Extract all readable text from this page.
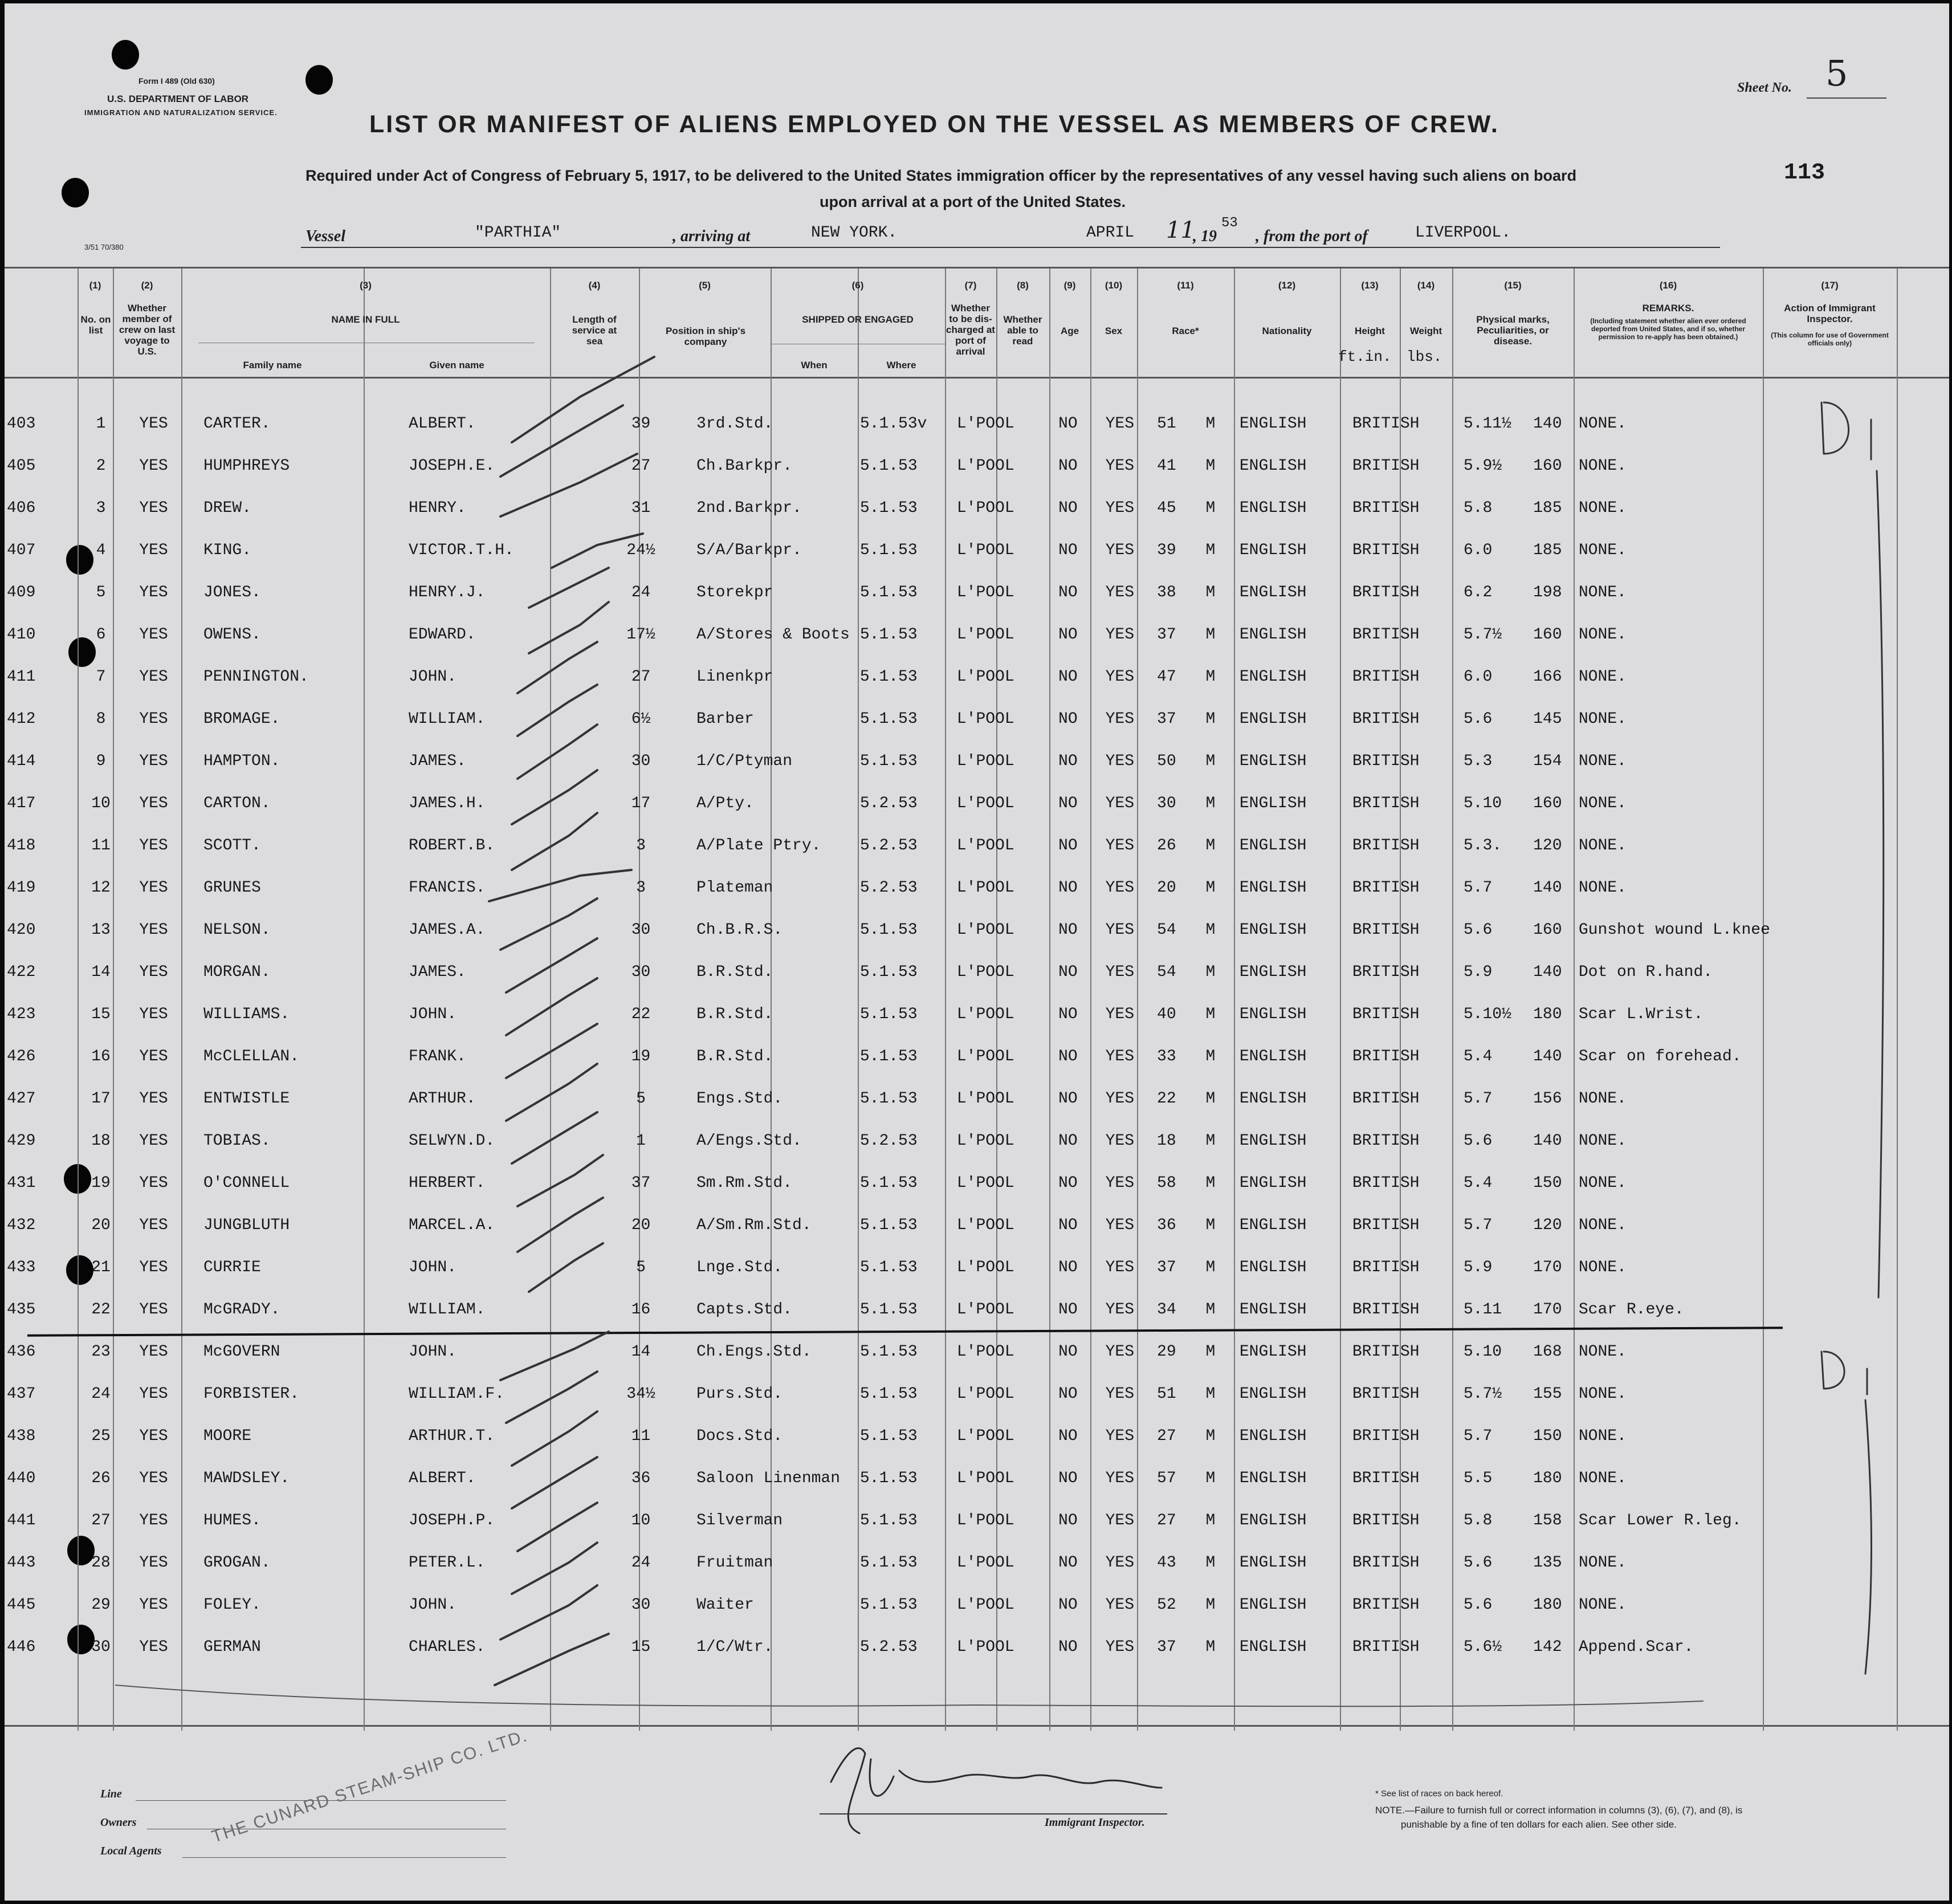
Form I 489 (Old 630)
U.S. DEPARTMENT OF LABOR
IMMIGRATION AND NATURALIZATION SERVICE.
3/51 70/380
Sheet No. 5
113
LIST OR MANIFEST OF ALIENS EMPLOYED ON THE VESSEL AS MEMBERS OF CREW.
Required under Act of Congress of February 5, 1917, to be delivered to the United States immigration officer by the representatives of any vessel having such aliens on board
upon arrival at a port of the United States.
Vessel	"PARTHIA"	, arriving at	NEW YORK.	APRIL 11
, 19
53
, from the port of	LIVERPOOL.
(1)
No. on list
(2)
Whether member of crew on last voyage to U.S.
(3)
NAME IN FULL
Family name	Given name
(4)
Length of service at sea
(5)
Position in ship's company
(6)
SHIPPED OR ENGAGED
When	Where
(7)
Whether to be dis-charged at port of arrival
(8)
Whether able to read
(9)
Age
(10)
Sex
(11)
Race*
(12)
Nationality
(13)
Height
ft.in.
(14)
Weight
lbs.
(15)
Physical marks, Peculiarities, or disease.
(16)
REMARKS.
(Including statement whether alien ever ordered deported from United States, and if so, whether permission to re-apply has been obtained.)
(17)
Action of Immigrant Inspector.
(This column for use of Government officials only)
403	1	YES	CARTER.	ALBERT.	39	3rd.Std.	5.1.53v	L'POOL	NO	YES	51	M	ENGLISH	BRITISH	5.11½	140	NONE.
405	2	YES	HUMPHREYS	JOSEPH.E.	27	Ch.Barkpr.	5.1.53	L'POOL	NO	YES	41	M	ENGLISH	BRITISH	5.9½	160	NONE.
406	3	YES	DREW.	HENRY.	31	2nd.Barkpr.	5.1.53	L'POOL	NO	YES	45	M	ENGLISH	BRITISH	5.8	185	NONE.
407	4	YES	KING.	VICTOR.T.H.	24½	S/A/Barkpr.	5.1.53	L'POOL	NO	YES	39	M	ENGLISH	BRITISH	6.0	185	NONE.
409	5	YES	JONES.	HENRY.J.	24	Storekpr	5.1.53	L'POOL	NO	YES	38	M	ENGLISH	BRITISH	6.2	198	NONE.
410	6	YES	OWENS.	EDWARD.	17½	A/Stores & Boots	5.1.53	L'POOL	NO	YES	37	M	ENGLISH	BRITISH	5.7½	160	NONE.
411	7	YES	PENNINGTON.	JOHN.	27	Linenkpr	5.1.53	L'POOL	NO	YES	47	M	ENGLISH	BRITISH	6.0	166	NONE.
412	8	YES	BROMAGE.	WILLIAM.	6½	Barber	5.1.53	L'POOL	NO	YES	37	M	ENGLISH	BRITISH	5.6	145	NONE.
414	9	YES	HAMPTON.	JAMES.	30	1/C/Ptyman	5.1.53	L'POOL	NO	YES	50	M	ENGLISH	BRITISH	5.3	154	NONE.
417	10	YES	CARTON.	JAMES.H.	17	A/Pty.	5.2.53	L'POOL	NO	YES	30	M	ENGLISH	BRITISH	5.10	160	NONE.
418	11	YES	SCOTT.	ROBERT.B.	3	A/Plate Ptry.	5.2.53	L'POOL	NO	YES	26	M	ENGLISH	BRITISH	5.3.	120	NONE.
419	12	YES	GRUNES	FRANCIS.	3	Plateman	5.2.53	L'POOL	NO	YES	20	M	ENGLISH	BRITISH	5.7	140	NONE.
420	13	YES	NELSON.	JAMES.A.	30	Ch.B.R.S.	5.1.53	L'POOL	NO	YES	54	M	ENGLISH	BRITISH	5.6	160	Gunshot wound L.knee
422	14	YES	MORGAN.	JAMES.	30	B.R.Std.	5.1.53	L'POOL	NO	YES	54	M	ENGLISH	BRITISH	5.9	140	Dot on R.hand.
423	15	YES	WILLIAMS.	JOHN.	22	B.R.Std.	5.1.53	L'POOL	NO	YES	40	M	ENGLISH	BRITISH	5.10½	180	Scar L.Wrist.
426	16	YES	McCLELLAN.	FRANK.	19	B.R.Std.	5.1.53	L'POOL	NO	YES	33	M	ENGLISH	BRITISH	5.4	140	Scar on forehead.
427	17	YES	ENTWISTLE	ARTHUR.	5	Engs.Std.	5.1.53	L'POOL	NO	YES	22	M	ENGLISH	BRITISH	5.7	156	NONE.
429	18	YES	TOBIAS.	SELWYN.D.	1	A/Engs.Std.	5.2.53	L'POOL	NO	YES	18	M	ENGLISH	BRITISH	5.6	140	NONE.
431	19	YES	O'CONNELL	HERBERT.	37	Sm.Rm.Std.	5.1.53	L'POOL	NO	YES	58	M	ENGLISH	BRITISH	5.4	150	NONE.
432	20	YES	JUNGBLUTH	MARCEL.A.	20	A/Sm.Rm.Std.	5.1.53	L'POOL	NO	YES	36	M	ENGLISH	BRITISH	5.7	120	NONE.
433	21	YES	CURRIE	JOHN.	5	Lnge.Std.	5.1.53	L'POOL	NO	YES	37	M	ENGLISH	BRITISH	5.9	170	NONE.
435	22	YES	McGRADY.	WILLIAM.	16	Capts.Std.	5.1.53	L'POOL	NO	YES	34	M	ENGLISH	BRITISH	5.11	170	Scar R.eye.
436	23	YES	McGOVERN	JOHN.	14	Ch.Engs.Std.	5.1.53	L'POOL	NO	YES	29	M	ENGLISH	BRITISH	5.10	168	NONE.
437	24	YES	FORBISTER.	WILLIAM.F.	34½	Purs.Std.	5.1.53	L'POOL	NO	YES	51	M	ENGLISH	BRITISH	5.7½	155	NONE.
438	25	YES	MOORE	ARTHUR.T.	11	Docs.Std.	5.1.53	L'POOL	NO	YES	27	M	ENGLISH	BRITISH	5.7	150	NONE.
440	26	YES	MAWDSLEY.	ALBERT.	36	Saloon Linenman	5.1.53	L'POOL	NO	YES	57	M	ENGLISH	BRITISH	5.5	180	NONE.
441	27	YES	HUMES.	JOSEPH.P.	10	Silverman	5.1.53	L'POOL	NO	YES	27	M	ENGLISH	BRITISH	5.8	158	Scar Lower R.leg.
443	28	YES	GROGAN.	PETER.L.	24	Fruitman	5.1.53	L'POOL	NO	YES	43	M	ENGLISH	BRITISH	5.6	135	NONE.
445	29	YES	FOLEY.	JOHN.	30	Waiter	5.1.53	L'POOL	NO	YES	52	M	ENGLISH	BRITISH	5.6	180	NONE.
446	30	YES	GERMAN	CHARLES.	15	1/C/Wtr.	5.2.53	L'POOL	NO	YES	37	M	ENGLISH	BRITISH	5.6½	142	Append.Scar.
Line
Owners
Local Agents
THE CUNARD STEAM-SHIP CO. LTD.	Immigrant Inspector.
* See list of races on back hereof.
NOTE.—Failure to furnish full or correct information in columns (3), (6), (7), and (8), is
punishable by a fine of ten dollars for each alien. See other side.
